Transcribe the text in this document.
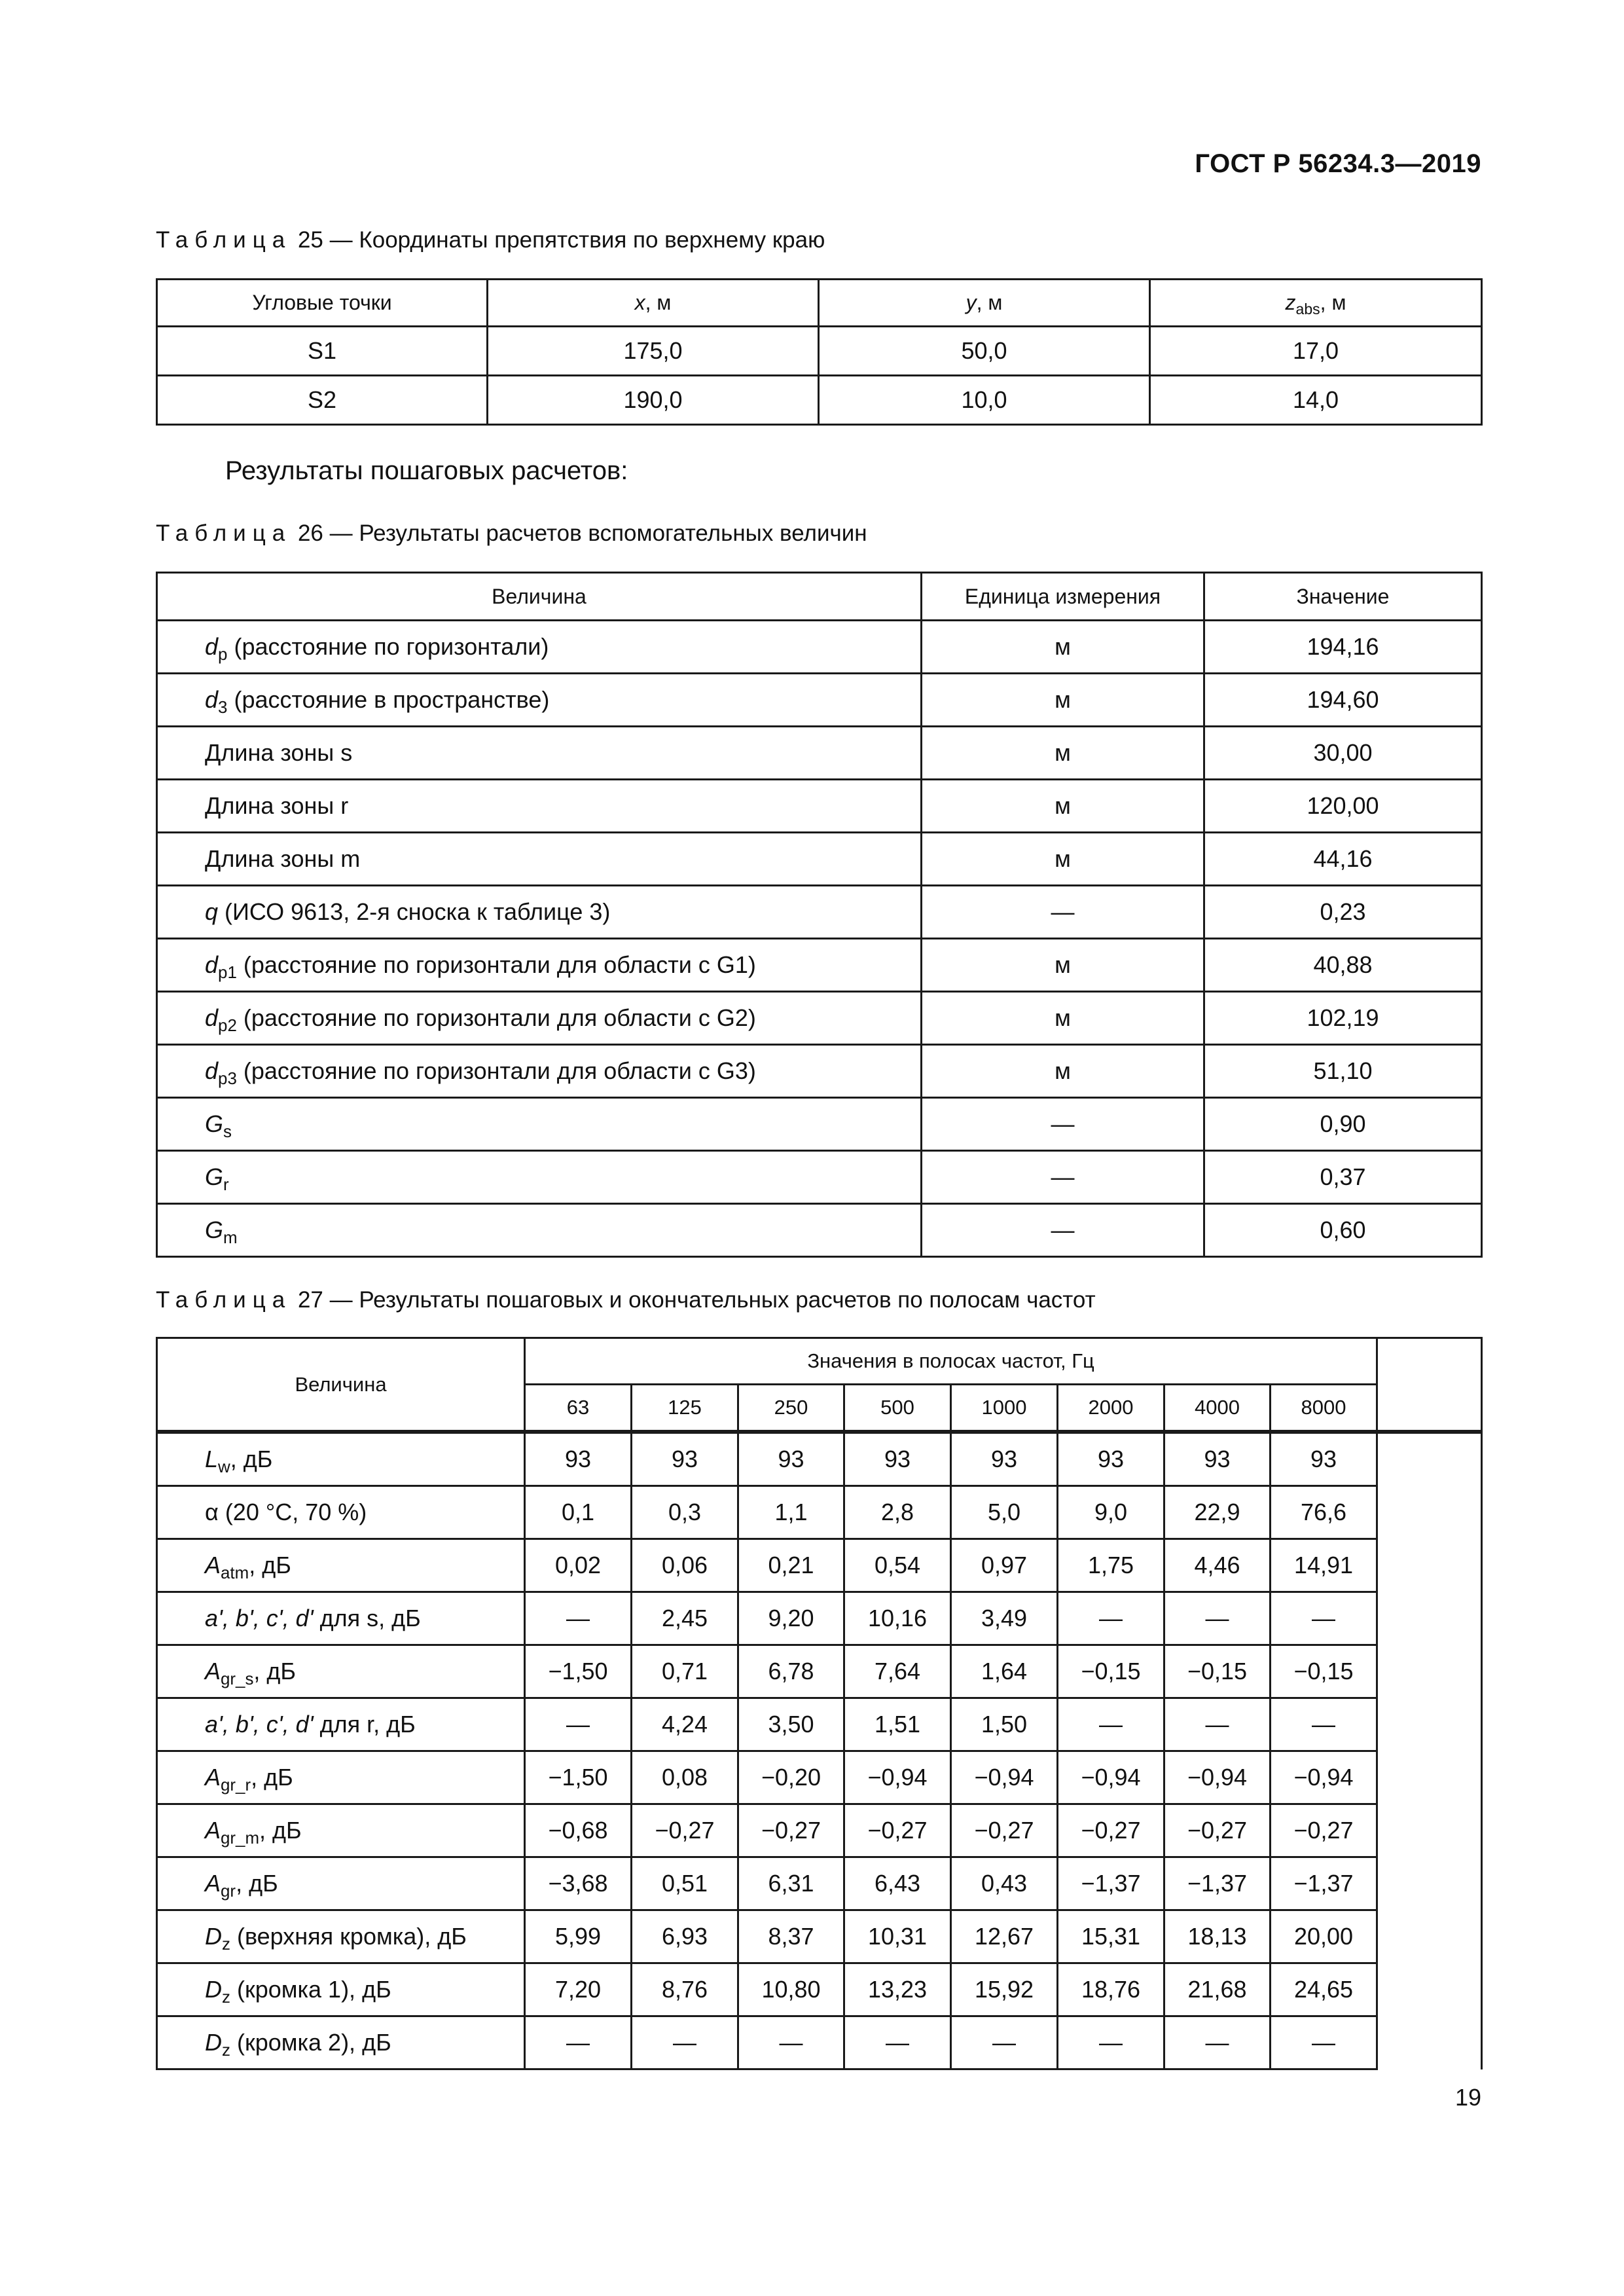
ГОСТ Р 56234.3—2019
Таблица 25 — Координаты препятствия по верхнему краю
Угловые точки	x, м	y, м	$z_{abs}$, м
S1	175,0	50,0	17,0
S2	190,0	10,0	14,0
Результаты пошаговых расчетов:
Таблица 26 — Результаты расчетов вспомогательных величин
Величина	Единица измерения	Значение
$d_p$ (расстояние по горизонтали)	м	194,16
$d_3$ (расстояние в пространстве)	м	194,60
Длина зоны s	м	30,00
Длина зоны r	м	120,00
Длина зоны m	м	44,16
q (ИСО 9613, 2-я сноска к таблице 3)	—	0,23
$d_{p1}$ (расстояние по горизонтали для области с G1)	м	40,88
$d_{p2}$ (расстояние по горизонтали для области с G2)	м	102,19
$d_{p3}$ (расстояние по горизонтали для области с G3)	м	51,10
$G_s$	—	0,90
$G_r$	—	0,37
$G_m$	—	0,60
Таблица 27 — Результаты пошаговых и окончательных расчетов по полосам частот
Величина	Значения в полосах частот, Гц								
	63	125	250	500	1000	2000	4000	8000	
$L_w$, дБ	93	93	93	93	93	93	93	93	
α (20 °C, 70 %)	0,1	0,3	1,1	2,8	5,0	9,0	22,9	76,6	
$A_{atm}$, дБ	0,02	0,06	0,21	0,54	0,97	1,75	4,46	14,91	
a', b', c', d' для s, дБ	—	2,45	9,20	10,16	3,49	—	—	—	
$A_{gr\_s}$, дБ	−1,50	0,71	6,78	7,64	1,64	−0,15	−0,15	−0,15	
a', b', c', d' для r, дБ	—	4,24	3,50	1,51	1,50	—	—	—	
$A_{gr\_r}$, дБ	−1,50	0,08	−0,20	−0,94	−0,94	−0,94	−0,94	−0,94	
$A_{gr\_m}$, дБ	−0,68	−0,27	−0,27	−0,27	−0,27	−0,27	−0,27	−0,27	
$A_{gr}$, дБ	−3,68	0,51	6,31	6,43	0,43	−1,37	−1,37	−1,37	
$D_z$ (верхняя кромка), дБ	5,99	6,93	8,37	10,31	12,67	15,31	18,13	20,00	
$D_z$ (кромка 1), дБ	7,20	8,76	10,80	13,23	15,92	18,76	21,68	24,65	
$D_z$ (кромка 2), дБ	—	—	—	—	—	—	—	—	
19
